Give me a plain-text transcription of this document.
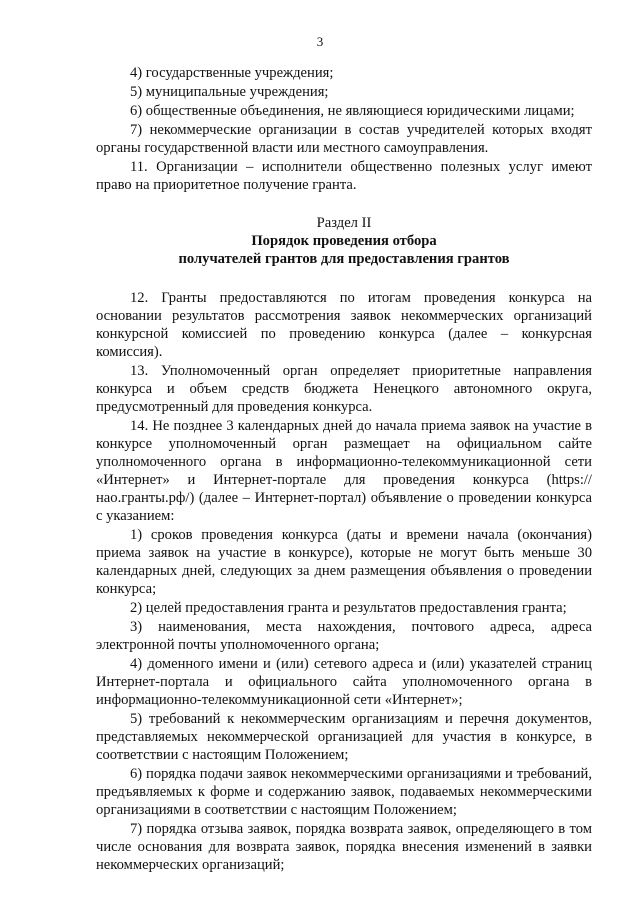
3

4) государственные учреждения;

5) муниципальные учреждения;

6) общественные объединения, не являющиеся юридическими лицами;

7) некоммерческие организации в состав учредителей которых входят органы государственной власти или местного самоуправления.

11. Организации – исполнители общественно полезных услуг имеют право на приоритетное получение гранта.

Раздел II

Порядок проведения отбора

получателей грантов для предоставления грантов

12. Гранты предоставляются по итогам проведения конкурса на основании результатов рассмотрения заявок некоммерческих организаций конкурсной комиссией по проведению конкурса (далее – конкурсная комиссия).

13. Уполномоченный орган определяет приоритетные направления конкурса и объем средств бюджета Ненецкого автономного округа, предусмотренный для проведения конкурса.

14. Не позднее 3 календарных дней до начала приема заявок на участие в конкурсе уполномоченный орган размещает на официальном сайте уполномоченного органа в информационно-телекоммуникационной сети «Интернет» и Интернет-портале для проведения конкурса (https://нао.гранты.рф/) (далее – Интернет-портал) объявление о проведении конкурса с указанием:

1) сроков проведения конкурса (даты и времени начала (окончания) приема заявок на участие в конкурсе), которые не могут быть меньше 30 календарных дней, следующих за днем размещения объявления о проведении конкурса;

2) целей предоставления гранта и результатов предоставления гранта;

3) наименования, места нахождения, почтового адреса, адреса электронной почты уполномоченного органа;

4) доменного имени и (или) сетевого адреса и (или) указателей страниц Интернет-портала и официального сайта уполномоченного органа в информационно-телекоммуникационной сети «Интернет»;

5) требований к некоммерческим организациям и перечня документов, представляемых некоммерческой организацией для участия в конкурсе, в соответствии с настоящим Положением;

6) порядка подачи заявок некоммерческими организациями и требований, предъявляемых к форме и содержанию заявок, подаваемых некоммерческими организациями в соответствии с настоящим Положением;

7) порядка отзыва заявок, порядка возврата заявок, определяющего в том числе основания для возврата заявок, порядка внесения изменений в заявки некоммерческих организаций;
